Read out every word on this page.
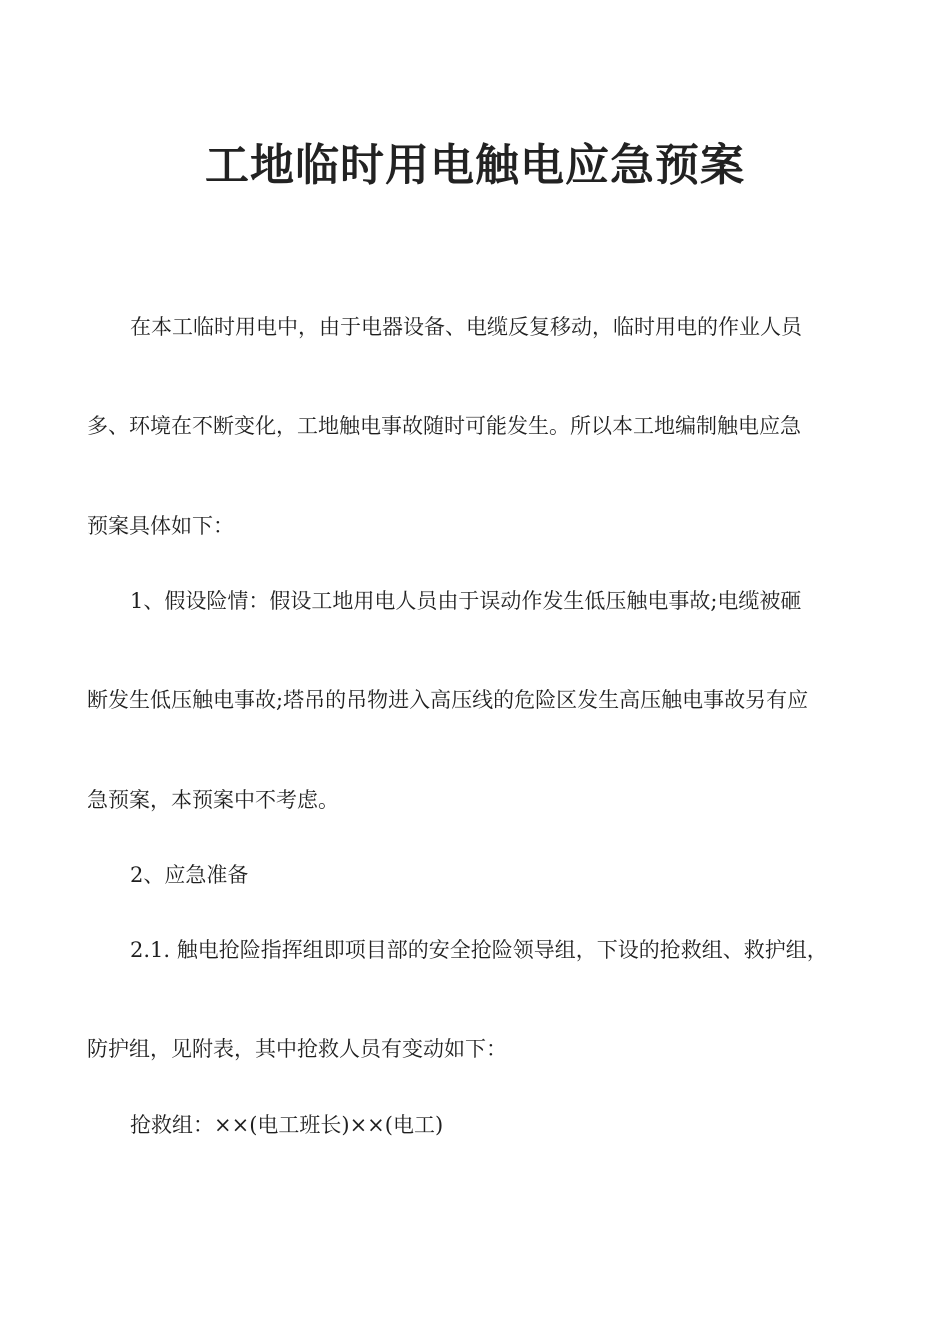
工地临时用电触电应急预案

在本工临时用电中，由于电器设备、电缆反复移动，临时用电的作业人员

多、环境在不断变化，工地触电事故随时可能发生。所以本工地编制触电应急

预案具体如下：

1、假设险情：假设工地用电人员由于误动作发生低压触电事故;电缆被砸

断发生低压触电事故;塔吊的吊物进入高压线的危险区发生高压触电事故另有应

急预案，本预案中不考虑。

2、应急准备

2.1. 触电抢险指挥组即项目部的安全抢险领导组，下设的抢救组、救护组，

防护组，见附表，其中抢救人员有变动如下：

抢救组：××(电工班长)××(电工)
